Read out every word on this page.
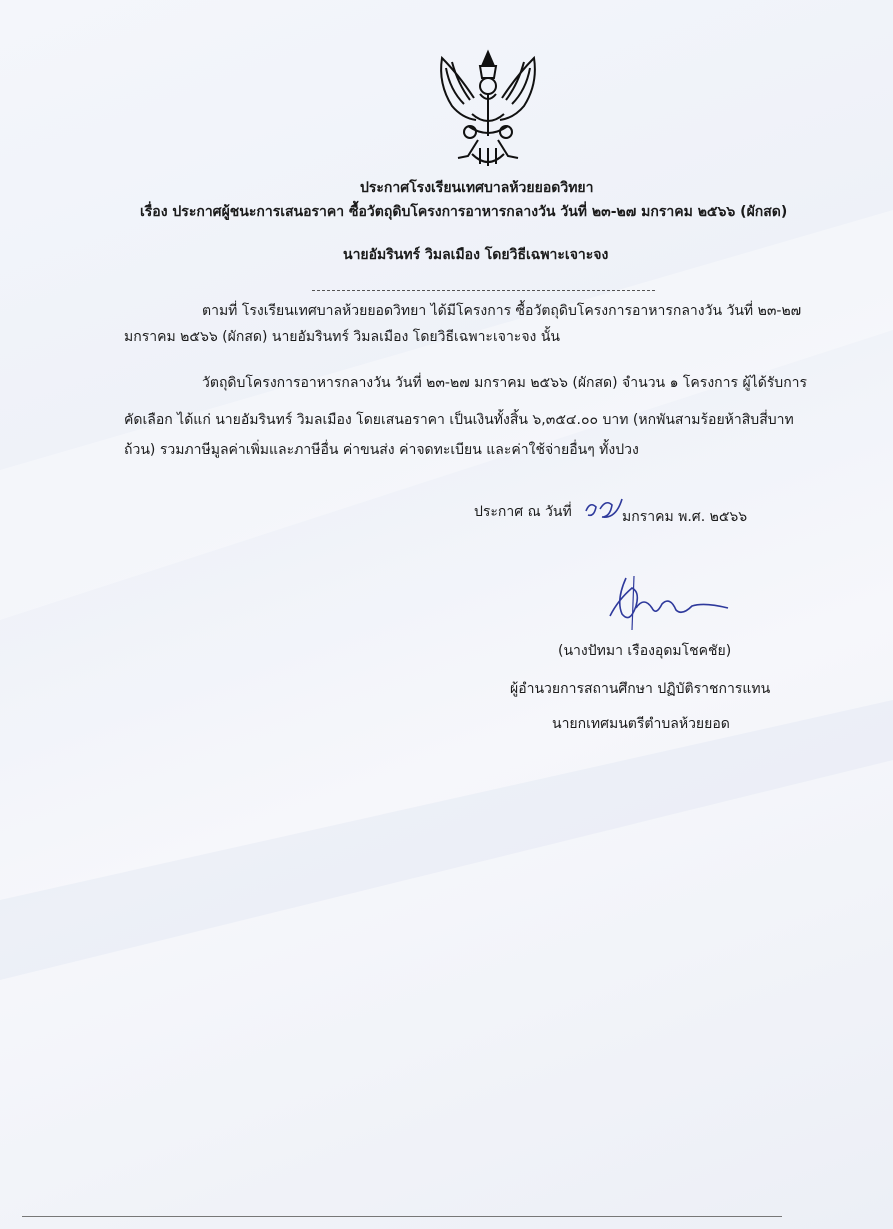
ประกาศโรงเรียนเทศบาลห้วยยอดวิทยา
เรื่อง ประกาศผู้ชนะการเสนอราคา ซื้อวัตถุดิบโครงการอาหารกลางวัน วันที่ ๒๓-๒๗ มกราคม ๒๕๖๖ (ผักสด)
นายอัมรินทร์ วิมลเมือง โดยวิธีเฉพาะเจาะจง
ตามที่ โรงเรียนเทศบาลห้วยยอดวิทยา ได้มีโครงการ ซื้อวัตถุดิบโครงการอาหารกลางวัน วันที่ ๒๓-๒๗
มกราคม ๒๕๖๖ (ผักสด) นายอัมรินทร์ วิมลเมือง โดยวิธีเฉพาะเจาะจง นั้น
วัตถุดิบโครงการอาหารกลางวัน วันที่ ๒๓-๒๗ มกราคม ๒๕๖๖ (ผักสด) จำนวน ๑ โครงการ ผู้ได้รับการ
คัดเลือก ได้แก่ นายอัมรินทร์ วิมลเมือง โดยเสนอราคา เป็นเงินทั้งสิ้น ๖,๓๕๔.๐๐ บาท (หกพันสามร้อยห้าสิบสี่บาท
ถ้วน) รวมภาษีมูลค่าเพิ่มและภาษีอื่น ค่าขนส่ง ค่าจดทะเบียน และค่าใช้จ่ายอื่นๆ ทั้งปวง
ประกาศ ณ วันที่	มกราคม พ.ศ. ๒๕๖๖
(นางปัทมา เรืองอุดมโชคชัย)
ผู้อำนวยการสถานศึกษา ปฏิบัติราชการแทน
นายกเทศมนตรีตำบลห้วยยอด
